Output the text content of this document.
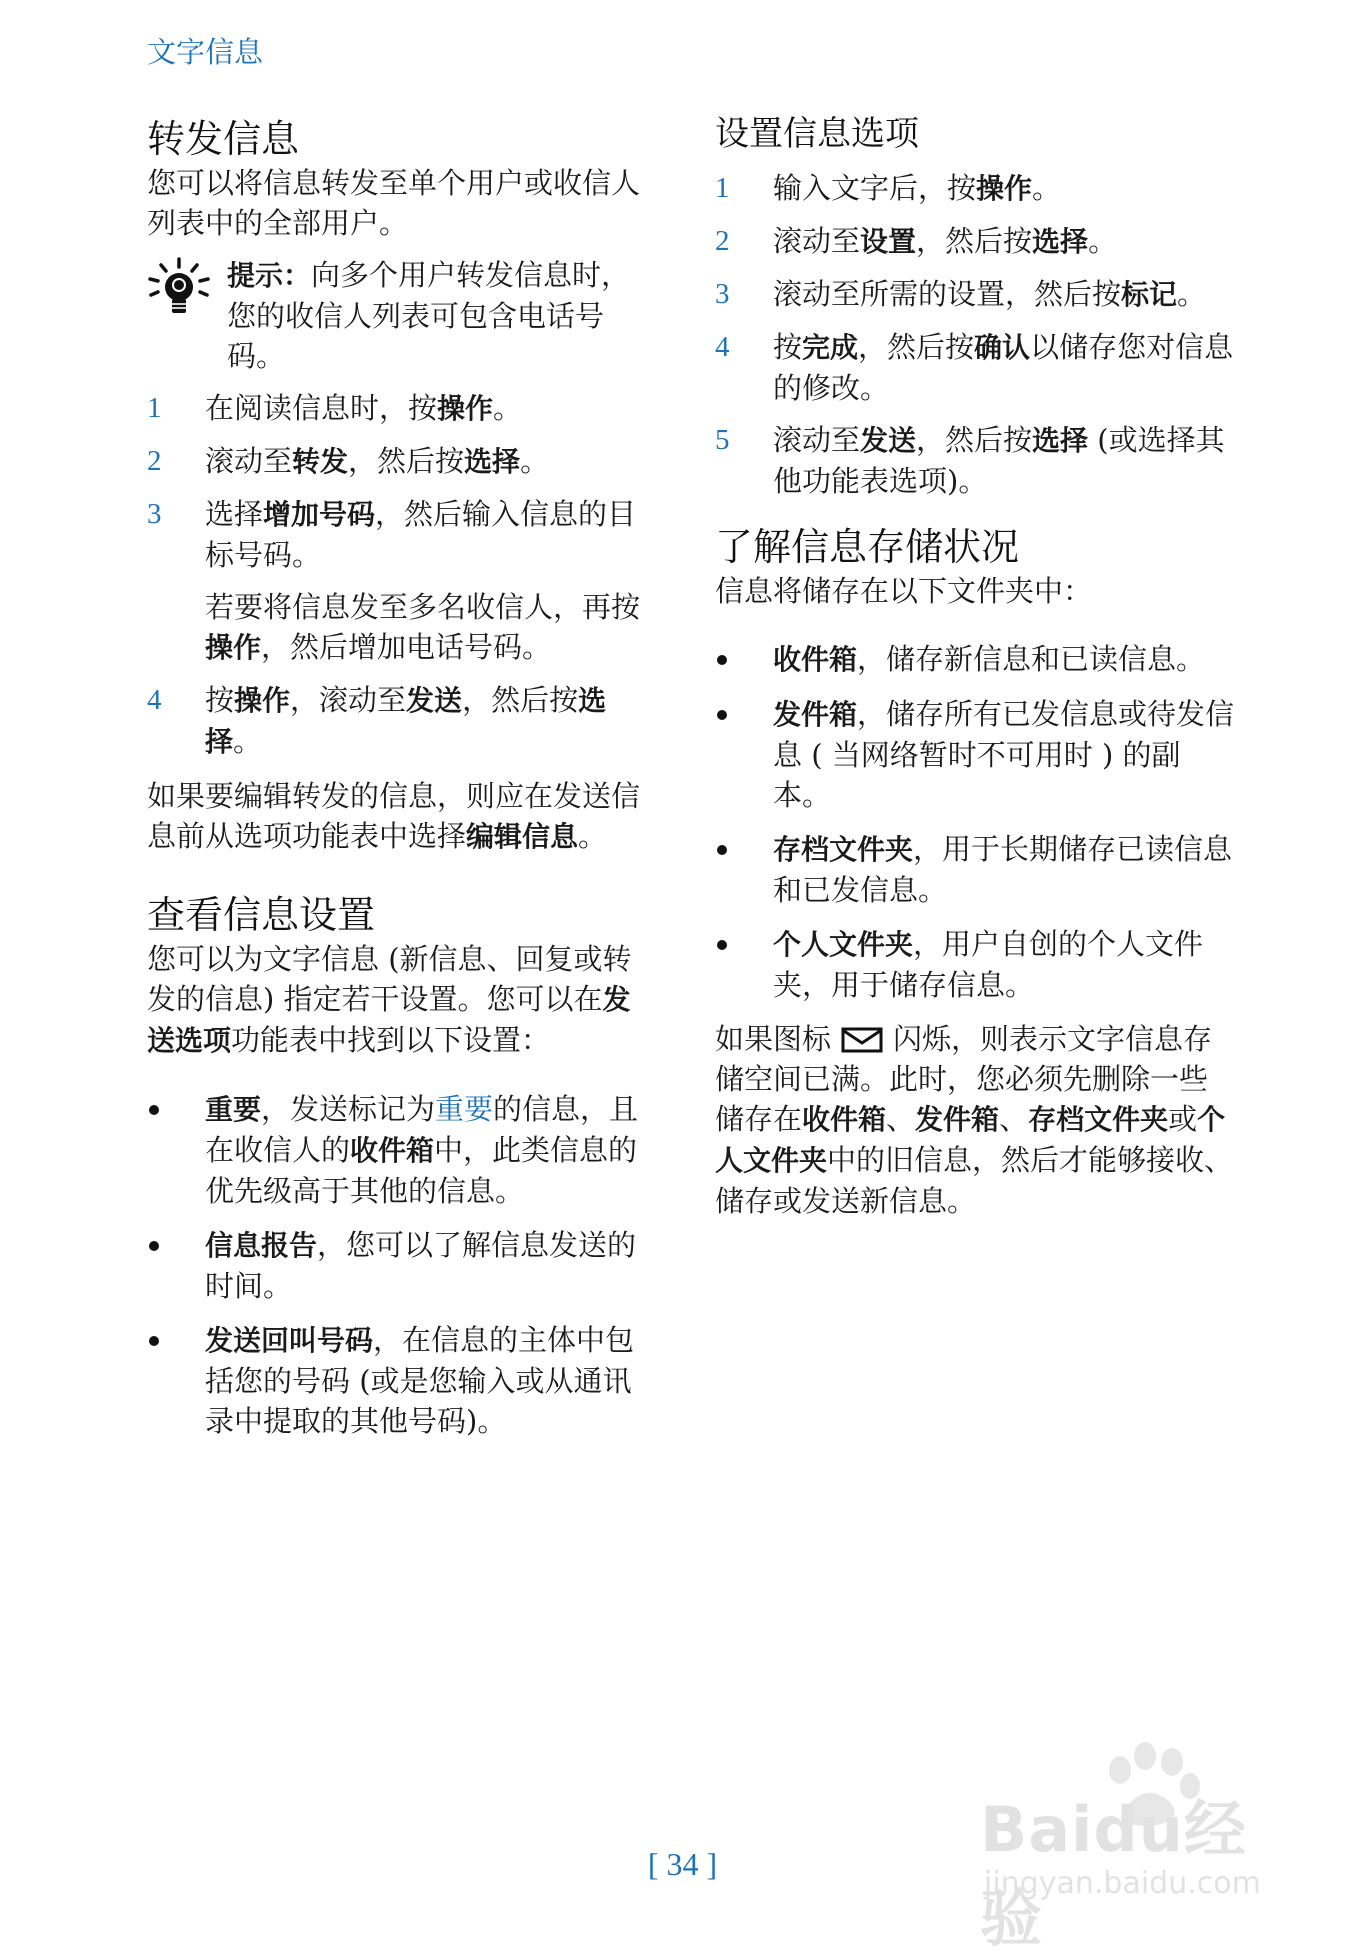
文字信息
转发信息

您可以将信息转发至单个用户或收信人列表中的全部用户。

提示：向多个用户转发信息时，您的收信人列表可包含电话号码。
1 在阅读信息时，按操作。
2 滚动至转发，然后按选择。
3 选择增加号码，然后输入信息的目标号码。
若要将信息发至多名收信人，再按操作，然后增加电话号码。
4 按操作，滚动至发送，然后按选择。

如果要编辑转发的信息，则应在发送信息前从选项功能表中选择编辑信息。

查看信息设置

您可以为文字信息 (新信息、回复或转发的信息) 指定若干设置。您可以在发送选项功能表中找到以下设置：

重要，发送标记为重要的信息，且在收信人的收件箱中，此类信息的优先级高于其他的信息。
信息报告，您可以了解信息发送的时间。
发送回叫号码，在信息的主体中包括您的号码 (或是您输入或从通讯录中提取的其他号码)。
设置信息选项
1 输入文字后，按操作。
2 滚动至设置，然后按选择。
3 滚动至所需的设置，然后按标记。
4 按完成，然后按确认以储存您对信息的修改。
5 滚动至发送，然后按选择 (或选择其他功能表选项)。
了解信息存储状况

信息将储存在以下文件夹中：

收件箱，储存新信息和已读信息。
发件箱，储存所有已发信息或待发信息 ( 当网络暂时不可用时 ) 的副本。
存档文件夹，用于长期储存已读信息和已发信息。
个人文件夹，用户自创的个人文件夹，用于储存信息。

如果图标 闪烁，则表示文字信息存储空间已满。此时，您必须先删除一些储存在收件箱、发件箱、存档文件夹或个人文件夹中的旧信息，然后才能够接收、储存或发送新信息。

[ 34 ]	Baidu经验
jingyan.baidu.com
